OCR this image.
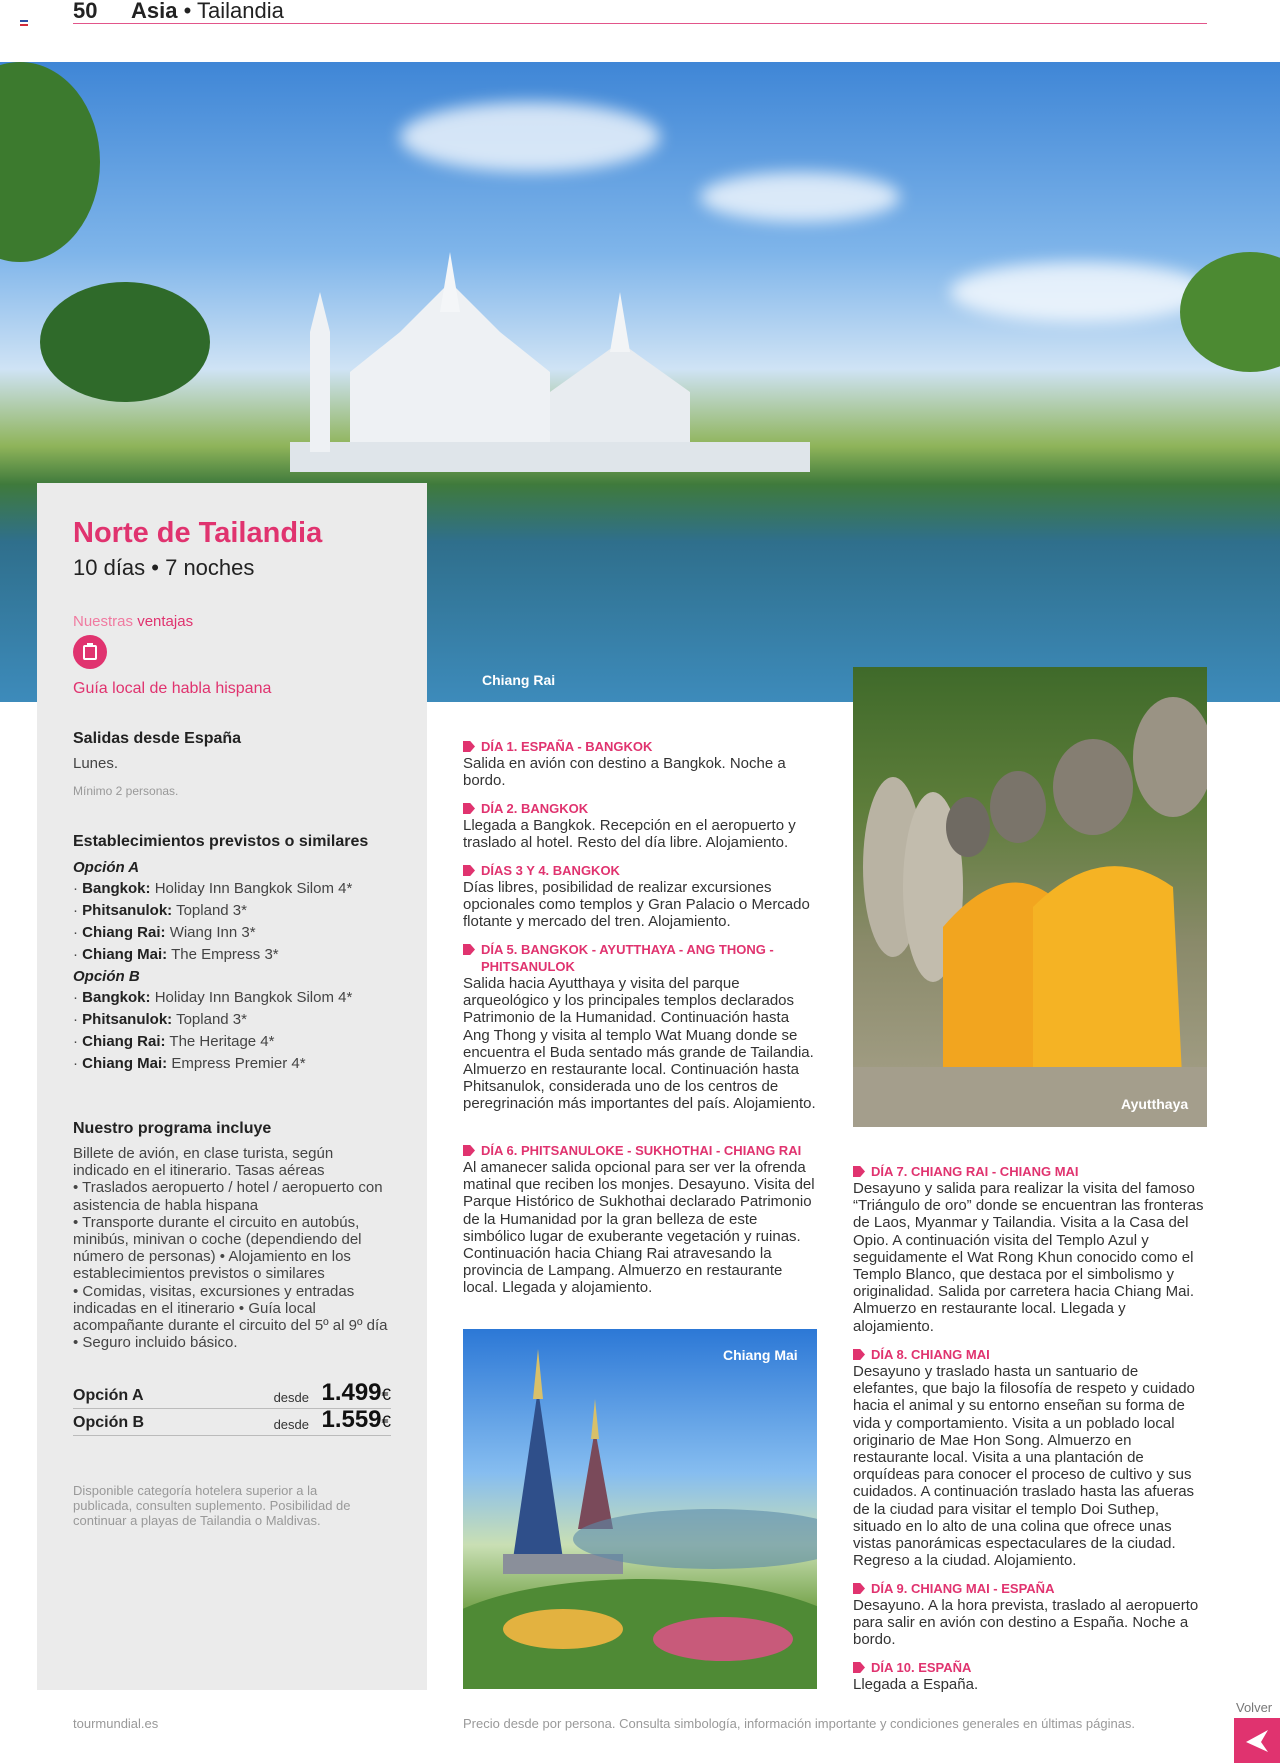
50 Asia • Tailandia
Chiang Rai
Norte de Tailandia
10 días • 7 noches
Nuestras ventajas
Guía local de habla hispana
Salidas desde España
Lunes.
Mínimo 2 personas.
Establecimientos previstos o similares
Opción A
· Bangkok: Holiday Inn Bangkok Silom 4*
· Phitsanulok: Topland 3*
· Chiang Rai: Wiang Inn 3*
· Chiang Mai: The Empress 3*
Opción B
· Bangkok: Holiday Inn Bangkok Silom 4*
· Phitsanulok: Topland 3*
· Chiang Rai: The Heritage 4*
· Chiang Mai: Empress Premier 4*
Nuestro programa incluye
Billete de avión, en clase turista, según indicado en el itinerario. Tasas aéreas
• Traslados aeropuerto / hotel / aeropuerto con asistencia de habla hispana
• Transporte durante el circuito en autobús, minibús, minivan o coche (dependiendo del número de personas) • Alojamiento en los establecimientos previstos o similares
• Comidas, visitas, excursiones y entradas indicadas en el itinerario • Guía local acompañante durante el circuito del 5º al 9º día • Seguro incluido básico.
Opción A	desde 1.499€
Opción B	desde 1.559€
Disponible categoría hotelera superior a la publicada, consulten suplemento. Posibilidad de continuar a playas de Tailandia o Maldivas.
DÍA 1. ESPAÑA - BANGKOK
Salida en avión con destino a Bangkok. Noche a bordo.
DÍA 2. BANGKOK
Llegada a Bangkok. Recepción en el aeropuerto y traslado al hotel. Resto del día libre. Alojamiento.
DÍAS 3 Y 4. BANGKOK
Días libres, posibilidad de realizar excursiones opcionales como templos y Gran Palacio o Mercado flotante y mercado del tren. Alojamiento.
DÍA 5. BANGKOK - AYUTTHAYA - ANG THONG - PHITSANULOK
Salida hacia Ayutthaya y visita del parque arqueológico y los principales templos declarados Patrimonio de la Humanidad. Continuación hasta Ang Thong y visita al templo Wat Muang donde se encuentra el Buda sentado más grande de Tailandia. Almuerzo en restaurante local. Continuación hasta Phitsanulok, considerada uno de los centros de peregrinación más importantes del país. Alojamiento.
DÍA 6. PHITSANULOKE - SUKHOTHAI - CHIANG RAI
Al amanecer salida opcional para ser ver la ofrenda matinal que reciben los monjes. Desayuno. Visita del Parque Histórico de Sukhothai declarado Patrimonio de la Humanidad por la gran belleza de este simbólico lugar de exuberante vegetación y ruinas. Continuación hacia Chiang Rai atravesando la provincia de Lampang. Almuerzo en restaurante local. Llegada y alojamiento.
Chiang Mai
Ayutthaya
DÍA 7. CHIANG RAI - CHIANG MAI
Desayuno y salida para realizar la visita del famoso “Triángulo de oro” donde se encuentran las fronteras de Laos, Myanmar y Tailandia. Visita a la Casa del Opio. A continuación visita del Templo Azul y seguidamente el Wat Rong Khun conocido como el Templo Blanco, que destaca por el simbolismo y originalidad. Salida por carretera hacia Chiang Mai. Almuerzo en restaurante local. Llegada y alojamiento.
DÍA 8. CHIANG MAI
Desayuno y traslado hasta un santuario de elefantes, que bajo la filosofía de respeto y cuidado hacia el animal y su entorno enseñan su forma de vida y comportamiento. Visita a un poblado local originario de Mae Hon Song. Almuerzo en restaurante local. Visita a una plantación de orquídeas para conocer el proceso de cultivo y sus cuidados. A continuación traslado hasta las afueras de la ciudad para visitar el templo Doi Suthep, situado en lo alto de una colina que ofrece unas vistas panorámicas espectaculares de la ciudad. Regreso a la ciudad. Alojamiento.
DÍA 9. CHIANG MAI - ESPAÑA
Desayuno. A la hora prevista, traslado al aeropuerto para salir en avión con destino a España. Noche a bordo.
DÍA 10. ESPAÑA
Llegada a España.
tourmundial.es	Precio desde por persona. Consulta simbología, información importante y condiciones generales en últimas páginas.
Volver
